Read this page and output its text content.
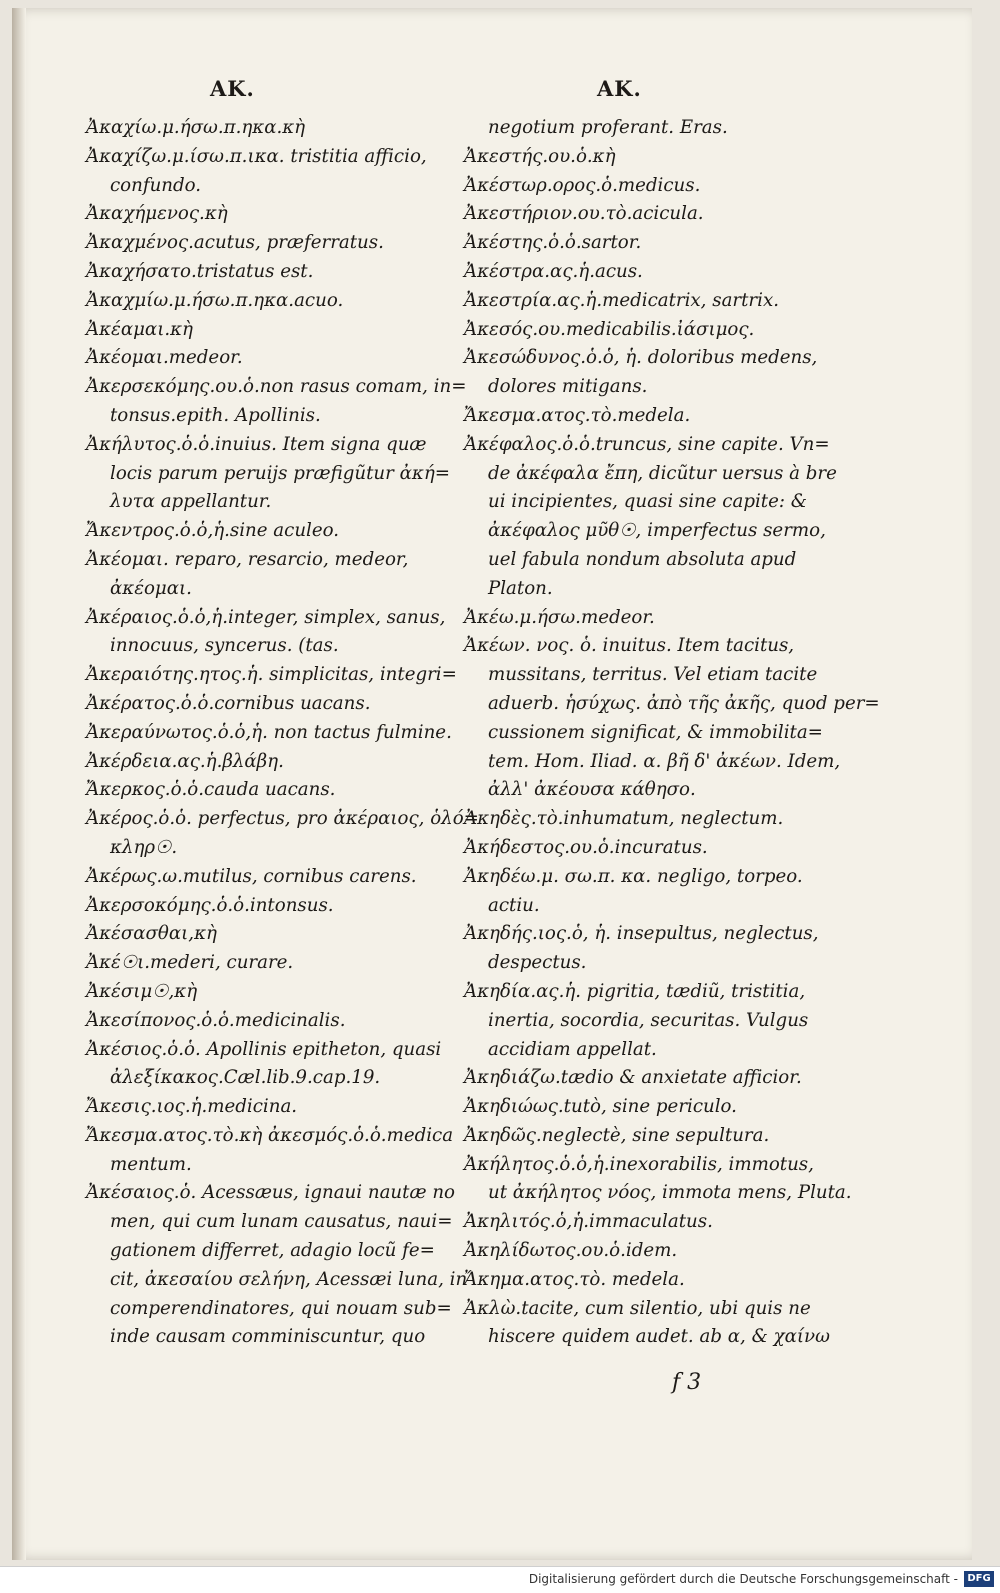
AK.	AK.

Ἀκαχίω.μ.ήσω.π.ηκα.κὴ

Ἀκαχίζω.μ.ίσω.π.ικα. tristitia afficio,

confundo.

Ἀκαχήμενος.κὴ

Ἀκαχμένος.acutus, præferratus.

Ἀκαχήσατο.tristatus est.

Ἀκαχμίω.μ.ήσω.π.ηκα.acuo.

Ἀκέαμαι.κὴ

Ἀκέομαι.medeor.

Ἀκερσεκόμης.ου.ὁ.non rasus comam, in=

tonsus.epith. Apollinis.

Ἀκήλυτος.ὁ.ὁ.inuius. Item signa quæ

locis parum peruijs præfigũtur ἀκή=

λυτα appellantur.

Ἄκεντρος.ὁ.ὁ,ἡ.sine aculeo.

Ἀκέομαι. reparo, resarcio, medeor,

ἀκέομαι.

Ἀκέραιος.ὁ.ὁ,ἡ.integer, simplex, sanus,

innocuus, syncerus. (tas.

Ἀκεραιότης.ητος.ἡ. simplicitas, integri=

Ἀκέρατος.ὁ.ὁ.cornibus uacans.

Ἀκεραύνωτος.ὁ.ὁ,ἡ. non tactus fulmine.

Ἀκέρδεια.ας.ἡ.βλάβη.

Ἄκερκος.ὁ.ὁ.cauda uacans.

Ἀκέρος.ὁ.ὁ. perfectus, pro ἀκέραιος, ὁλό=

κληρ☉.

Ἀκέρως.ω.mutilus, cornibus carens.

Ἀκερσοκόμης.ὁ.ὁ.intonsus.

Ἀκέσασθαι,κὴ

Ἀκέ☉ι.mederi, curare.

Ἀκέσιμ☉,κὴ

Ἀκεσίπονος.ὁ.ὁ.medicinalis.

Ἀκέσιος.ὁ.ὁ. Apollinis epitheton, quasi

ἀλεξίκακος.Cæl.lib.9.cap.19.

Ἄκεσις.ιος.ἡ.medicina.

Ἄκεσμα.ατος.τὸ.κὴ ἀκεσμός.ὁ.ὁ.medica

mentum.

Ἀκέσαιος.ὁ. Acessæus, ignaui nautæ no

men, qui cum lunam causatus, naui=

gationem differret, adagio locũ fe=

cit, ἀκεσαίου σελήνη, Acessæi luna, in

comperendinatores, qui nouam sub=

inde causam comminiscuntur, quo

negotium proferant. Eras.

Ἀκεστής.ου.ὁ.κὴ

Ἀκέστωρ.ορος.ὁ.medicus.

Ἀκεστήριον.ου.τὸ.acicula.

Ἀκέστης.ὁ.ὁ.sartor.

Ἀκέστρα.ας.ἡ.acus.

Ἀκεστρία.ας.ἡ.medicatrix, sartrix.

Ἀκεσός.ου.medicabilis.ἰάσιμος.

Ἀκεσώδυνος.ὁ.ὁ, ἡ. doloribus medens,

dolores mitigans.

Ἄκεσμα.ατος.τὸ.medela.

Ἀκέφαλος.ὁ.ὁ.truncus, sine capite. Vn=

de ἀκέφαλα ἔπη, dicũtur uersus à bre

ui incipientes, quasi sine capite: &

ἀκέφαλος μῦθ☉, imperfectus sermo,

uel fabula nondum absoluta apud

Platon.

Ἀκέω.μ.ήσω.medeor.

Ἀκέων. νος. ὁ. inuitus. Item tacitus,

mussitans, territus. Vel etiam tacite

aduerb. ἡσύχως. ἀπὸ τῆς ἀκῆς, quod per=

cussionem significat, & immobilita=

tem. Hom. Iliad. α. βῆ δ' ἀκέων. Idem,

ἀλλ' ἀκέουσα κάθησο.

Ἀκηδὲς.τὸ.inhumatum, neglectum.

Ἀκήδεστος.ου.ὁ.incuratus.

Ἀκηδέω.μ. σω.π. κα. negligo, torpeo.

actiu.

Ἀκηδής.ιος.ὁ, ἡ. insepultus, neglectus,

despectus.

Ἀκηδία.ας.ἡ. pigritia, tædiũ, tristitia,

inertia, socordia, securitas. Vulgus

accidiam appellat.

Ἀκηδιάζω.tædio & anxietate afficior.

Ἀκηδιώως.tutò, sine periculo.

Ἀκηδῶς.neglectè, sine sepultura.

Ἀκήλητος.ὁ.ὁ,ἡ.inexorabilis, immotus,

ut ἀκήλητος νόος, immota mens, Pluta.

Ἀκηλιτός.ὁ,ἡ.immaculatus.

Ἀκηλίδωτος.ου.ὁ.idem.

Ἄκημα.ατος.τὸ. medela.

Ἀκλὼ.tacite, cum silentio, ubi quis ne

hiscere quidem audet. ab α, & χαίνω

f 3
Digitalisierung gefördert durch die Deutsche Forschungsgemeinschaft - DFG
